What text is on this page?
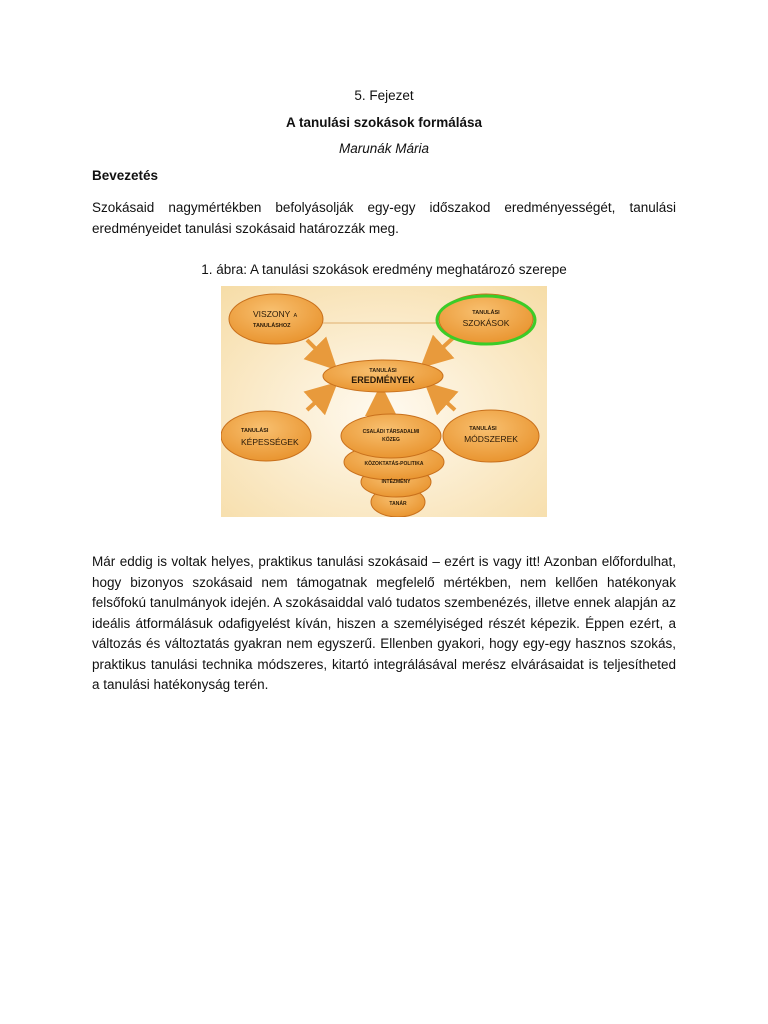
5. Fejezet
A tanulási szokások formálása
Marunák Mária
Bevezetés

Szokásaid nagymértékben befolyásolják egy-egy időszakod eredményességét, tanulási eredményeidet tanulási szokásaid határozzák meg.

1. ábra: A tanulási szokások eredmény meghatározó szerepe
VISZONY A
TANULÁSHOZ
TANULÁSI
SZOKÁSOK
TANULÁSI
EREDMÉNYEK
TANULÁSI
KÉPESSÉGEK
TANULÁSI
MÓDSZEREK
CSALÁDI TÁRSADALMI
KÖZEG
KÖZOKTATÁS-POLITIKA
INTÉZMÉNY
TANÁR

Már eddig is voltak helyes, praktikus tanulási szokásaid – ezért is vagy itt! Azonban előfordulhat, hogy bizonyos szokásaid nem támogatnak megfelelő mértékben, nem kellően hatékonyak felsőfokú tanulmányok idején. A szokásaiddal való tudatos szembenézés, illetve ennek alapján az ideális átformálásuk odafigyelést kíván, hiszen a személyiséged részét képezik. Éppen ezért, a változás és változtatás gyakran nem egyszerű. Ellenben gyakori, hogy egy-egy hasznos szokás, praktikus tanulási technika módszeres, kitartó integrálásával merész elvárásaidat is teljesítheted a tanulási hatékonyság terén.
